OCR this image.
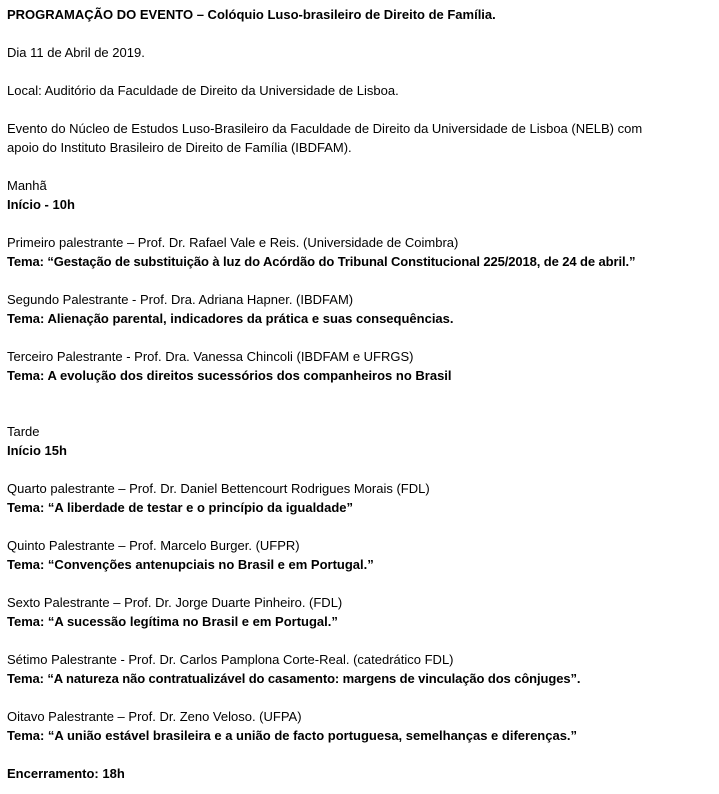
PROGRAMAÇÃO DO EVENTO – Colóquio Luso-brasileiro de Direito de Família.
Dia 11 de Abril de 2019.
Local: Auditório da Faculdade de Direito da Universidade de Lisboa.
Evento do Núcleo de Estudos Luso-Brasileiro da Faculdade de Direito da Universidade de Lisboa (NELB) com
apoio do Instituto Brasileiro de Direito de Família (IBDFAM).
Manhã
Início - 10h
Primeiro palestrante – Prof. Dr. Rafael Vale e Reis. (Universidade de Coimbra)
Tema: “Gestação de substituição à luz do Acórdão do Tribunal Constitucional 225/2018, de 24 de abril.”
Segundo Palestrante - Prof. Dra. Adriana Hapner. (IBDFAM)
Tema: Alienação parental, indicadores da prática e suas consequências.
Terceiro Palestrante - Prof. Dra. Vanessa Chincoli (IBDFAM e UFRGS)
Tema: A evolução dos direitos sucessórios dos companheiros no Brasil
Tarde
Início 15h
Quarto palestrante – Prof. Dr. Daniel Bettencourt Rodrigues Morais (FDL)
Tema: “A liberdade de testar e o princípio da igualdade”
Quinto Palestrante – Prof. Marcelo Burger. (UFPR)
Tema: “Convenções antenupciais no Brasil e em Portugal.”
Sexto Palestrante – Prof. Dr. Jorge Duarte Pinheiro. (FDL)
Tema: “A sucessão legítima no Brasil e em Portugal.”
Sétimo Palestrante - Prof. Dr. Carlos Pamplona Corte-Real. (catedrático FDL)
Tema: “A natureza não contratualizável do casamento: margens de vinculação dos cônjuges”.
Oitavo Palestrante – Prof. Dr. Zeno Veloso. (UFPA)
Tema: “A união estável brasileira e a união de facto portuguesa, semelhanças e diferenças.”
Encerramento: 18h
